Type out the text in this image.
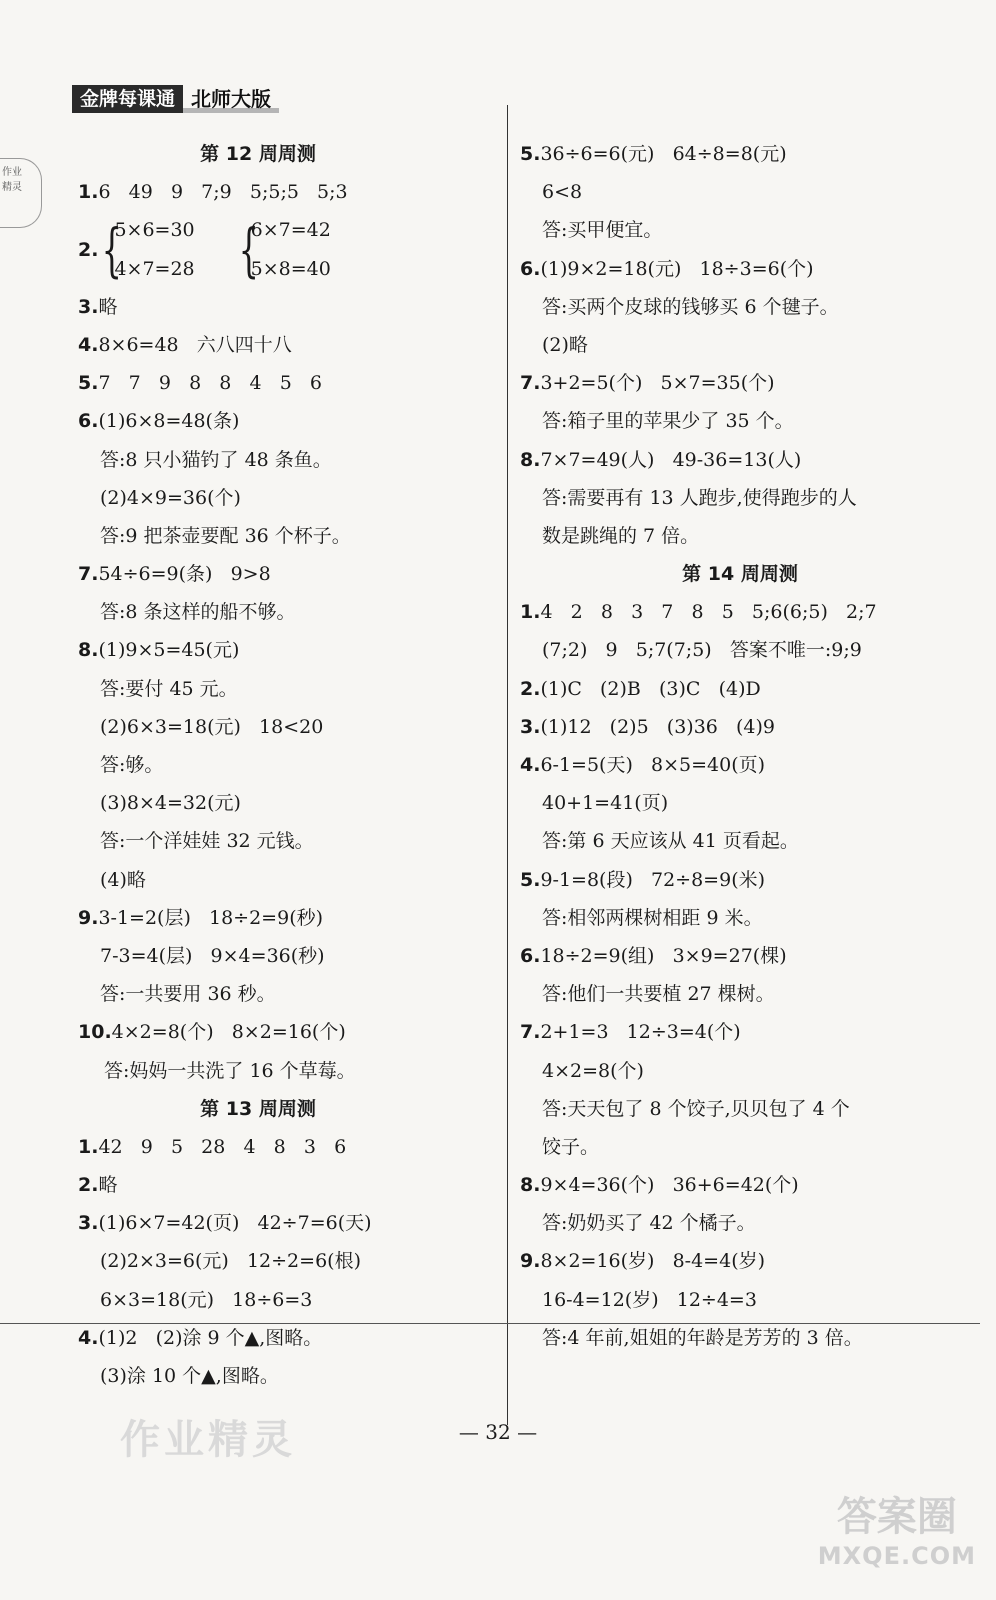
金牌每课通 北师大版
作业
精灵
第 12 周周测
1.6   49   9   7;9   5;5;5   5;3
2. {
5×6=30
4×7=28 {
6×7=42
5×8=40
3.略
4.8×6=48   六八四十八
5.7   7   9   8   8   4   5   6
6.(1)6×8=48(条)
答:8 只小猫钓了 48 条鱼。
(2)4×9=36(个)
答:9 把茶壶要配 36 个杯子。
7.54÷6=9(条)   9>8
答:8 条这样的船不够。
8.(1)9×5=45(元)
答:要付 45 元。
(2)6×3=18(元)   18<20
答:够。
(3)8×4=32(元)
答:一个洋娃娃 32 元钱。
(4)略
9.3-1=2(层)   18÷2=9(秒)
7-3=4(层)   9×4=36(秒)
答:一共要用 36 秒。
10.4×2=8(个)   8×2=16(个)
答:妈妈一共洗了 16 个草莓。
第 13 周周测
1.42   9   5   28   4   8   3   6
2.略
3.(1)6×7=42(页)   42÷7=6(天)
(2)2×3=6(元)   12÷2=6(根)
6×3=18(元)   18÷6=3
4.(1)2   (2)涂 9 个▲,图略。
(3)涂 10 个▲,图略。
5.36÷6=6(元)   64÷8=8(元)
6<8
答:买甲便宜。
6.(1)9×2=18(元)   18÷3=6(个)
答:买两个皮球的钱够买 6 个毽子。
(2)略
7.3+2=5(个)   5×7=35(个)
答:箱子里的苹果少了 35 个。
8.7×7=49(人)   49-36=13(人)
答:需要再有 13 人跑步,使得跑步的人
数是跳绳的 7 倍。
第 14 周周测
1.4   2   8   3   7   8   5   5;6(6;5)   2;7
(7;2)   9   5;7(7;5)   答案不唯一:9;9
2.(1)C   (2)B   (3)C   (4)D
3.(1)12   (2)5   (3)36   (4)9
4.6-1=5(天)   8×5=40(页)
40+1=41(页)
答:第 6 天应该从 41 页看起。
5.9-1=8(段)   72÷8=9(米)
答:相邻两棵树相距 9 米。
6.18÷2=9(组)   3×9=27(棵)
答:他们一共要植 27 棵树。
7.2+1=3   12÷3=4(个)
4×2=8(个)
答:天天包了 8 个饺子,贝贝包了 4 个
饺子。
8.9×4=36(个)   36+6=42(个)
答:奶奶买了 42 个橘子。
9.8×2=16(岁)   8-4=4(岁)
16-4=12(岁)   12÷4=3
答:4 年前,姐姐的年龄是芳芳的 3 倍。
作业精灵	— 32 —
答案圈
MXQE.COM
